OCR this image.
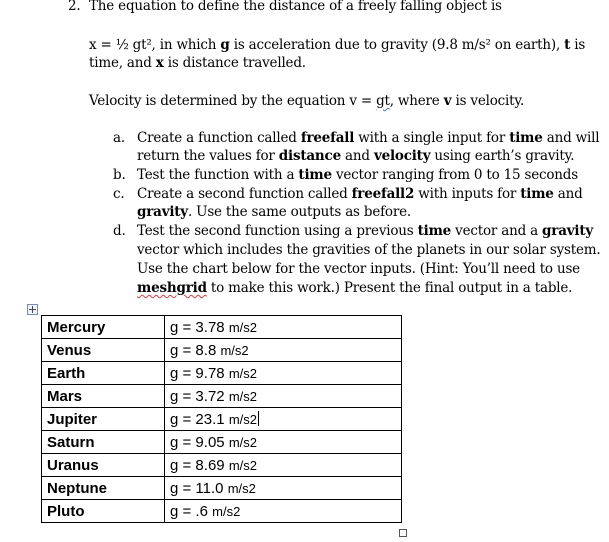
2. The equation to define the distance of a freely falling object is
x = ½ gt², in which g is acceleration due to gravity (9.8 m/s² on earth), t is
time, and x is distance travelled.
Velocity is determined by the equation v = gt, where v is velocity.
a. Create a function called freefall with a single input for time and will
return the values for distance and velocity using earth’s gravity.
b. Test the function with a time vector ranging from 0 to 15 seconds
c. Create a second function called freefall2 with inputs for time and
gravity. Use the same outputs as before.
d. Test the second function using a previous time vector and a gravity
vector which includes the gravities of the planets in our solar system.
Use the chart below for the vector inputs. (Hint: You’ll need to use
meshgrid to make this work.) Present the final output in a table.
Mercury	g = 3.78 m/s2
Venus	g = 8.8 m/s2
Earth	g = 9.78 m/s2
Mars	g = 3.72 m/s2
Jupiter	g = 23.1 m/s2
Saturn	g = 9.05 m/s2
Uranus	g = 8.69 m/s2
Neptune	g = 11.0 m/s2
Pluto	g = .6 m/s2
